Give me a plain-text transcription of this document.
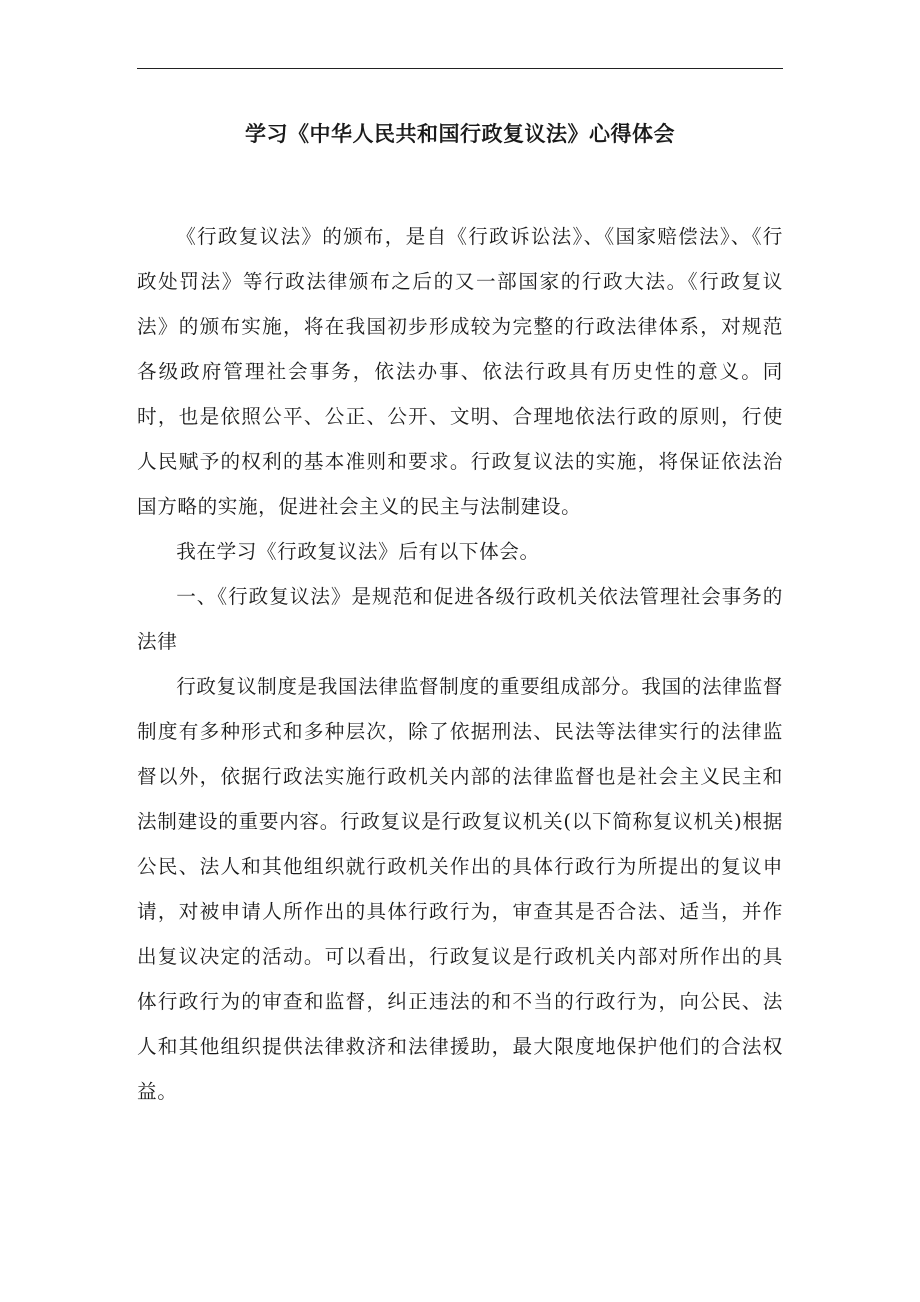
学习《中华人民共和国行政复议法》心得体会

《行政复议法》的颁布，是自《行政诉讼法》、《国家赔偿法》、《行政处罚法》等行政法律颁布之后的又一部国家的行政大法。《行政复议法》的颁布实施，将在我国初步形成较为完整的行政法律体系，对规范各级政府管理社会事务，依法办事、依法行政具有历史性的意义。同时，也是依照公平、公正、公开、文明、合理地依法行政的原则，行使人民赋予的权利的基本准则和要求。行政复议法的实施，将保证依法治国方略的实施，促进社会主义的民主与法制建设。

我在学习《行政复议法》后有以下体会。

一、《行政复议法》是规范和促进各级行政机关依法管理社会事务的法律

行政复议制度是我国法律监督制度的重要组成部分。我国的法律监督制度有多种形式和多种层次，除了依据刑法、民法等法律实行的法律监督以外，依据行政法实施行政机关内部的法律监督也是社会主义民主和法制建设的重要内容。行政复议是行政复议机关(以下简称复议机关)根据公民、法人和其他组织就行政机关作出的具体行政行为所提出的复议申请，对被申请人所作出的具体行政行为，审查其是否合法、适当，并作出复议决定的活动。可以看出，行政复议是行政机关内部对所作出的具体行政行为的审查和监督，纠正违法的和不当的行政行为，向公民、法人和其他组织提供法律救济和法律援助，最大限度地保护他们的合法权益。
